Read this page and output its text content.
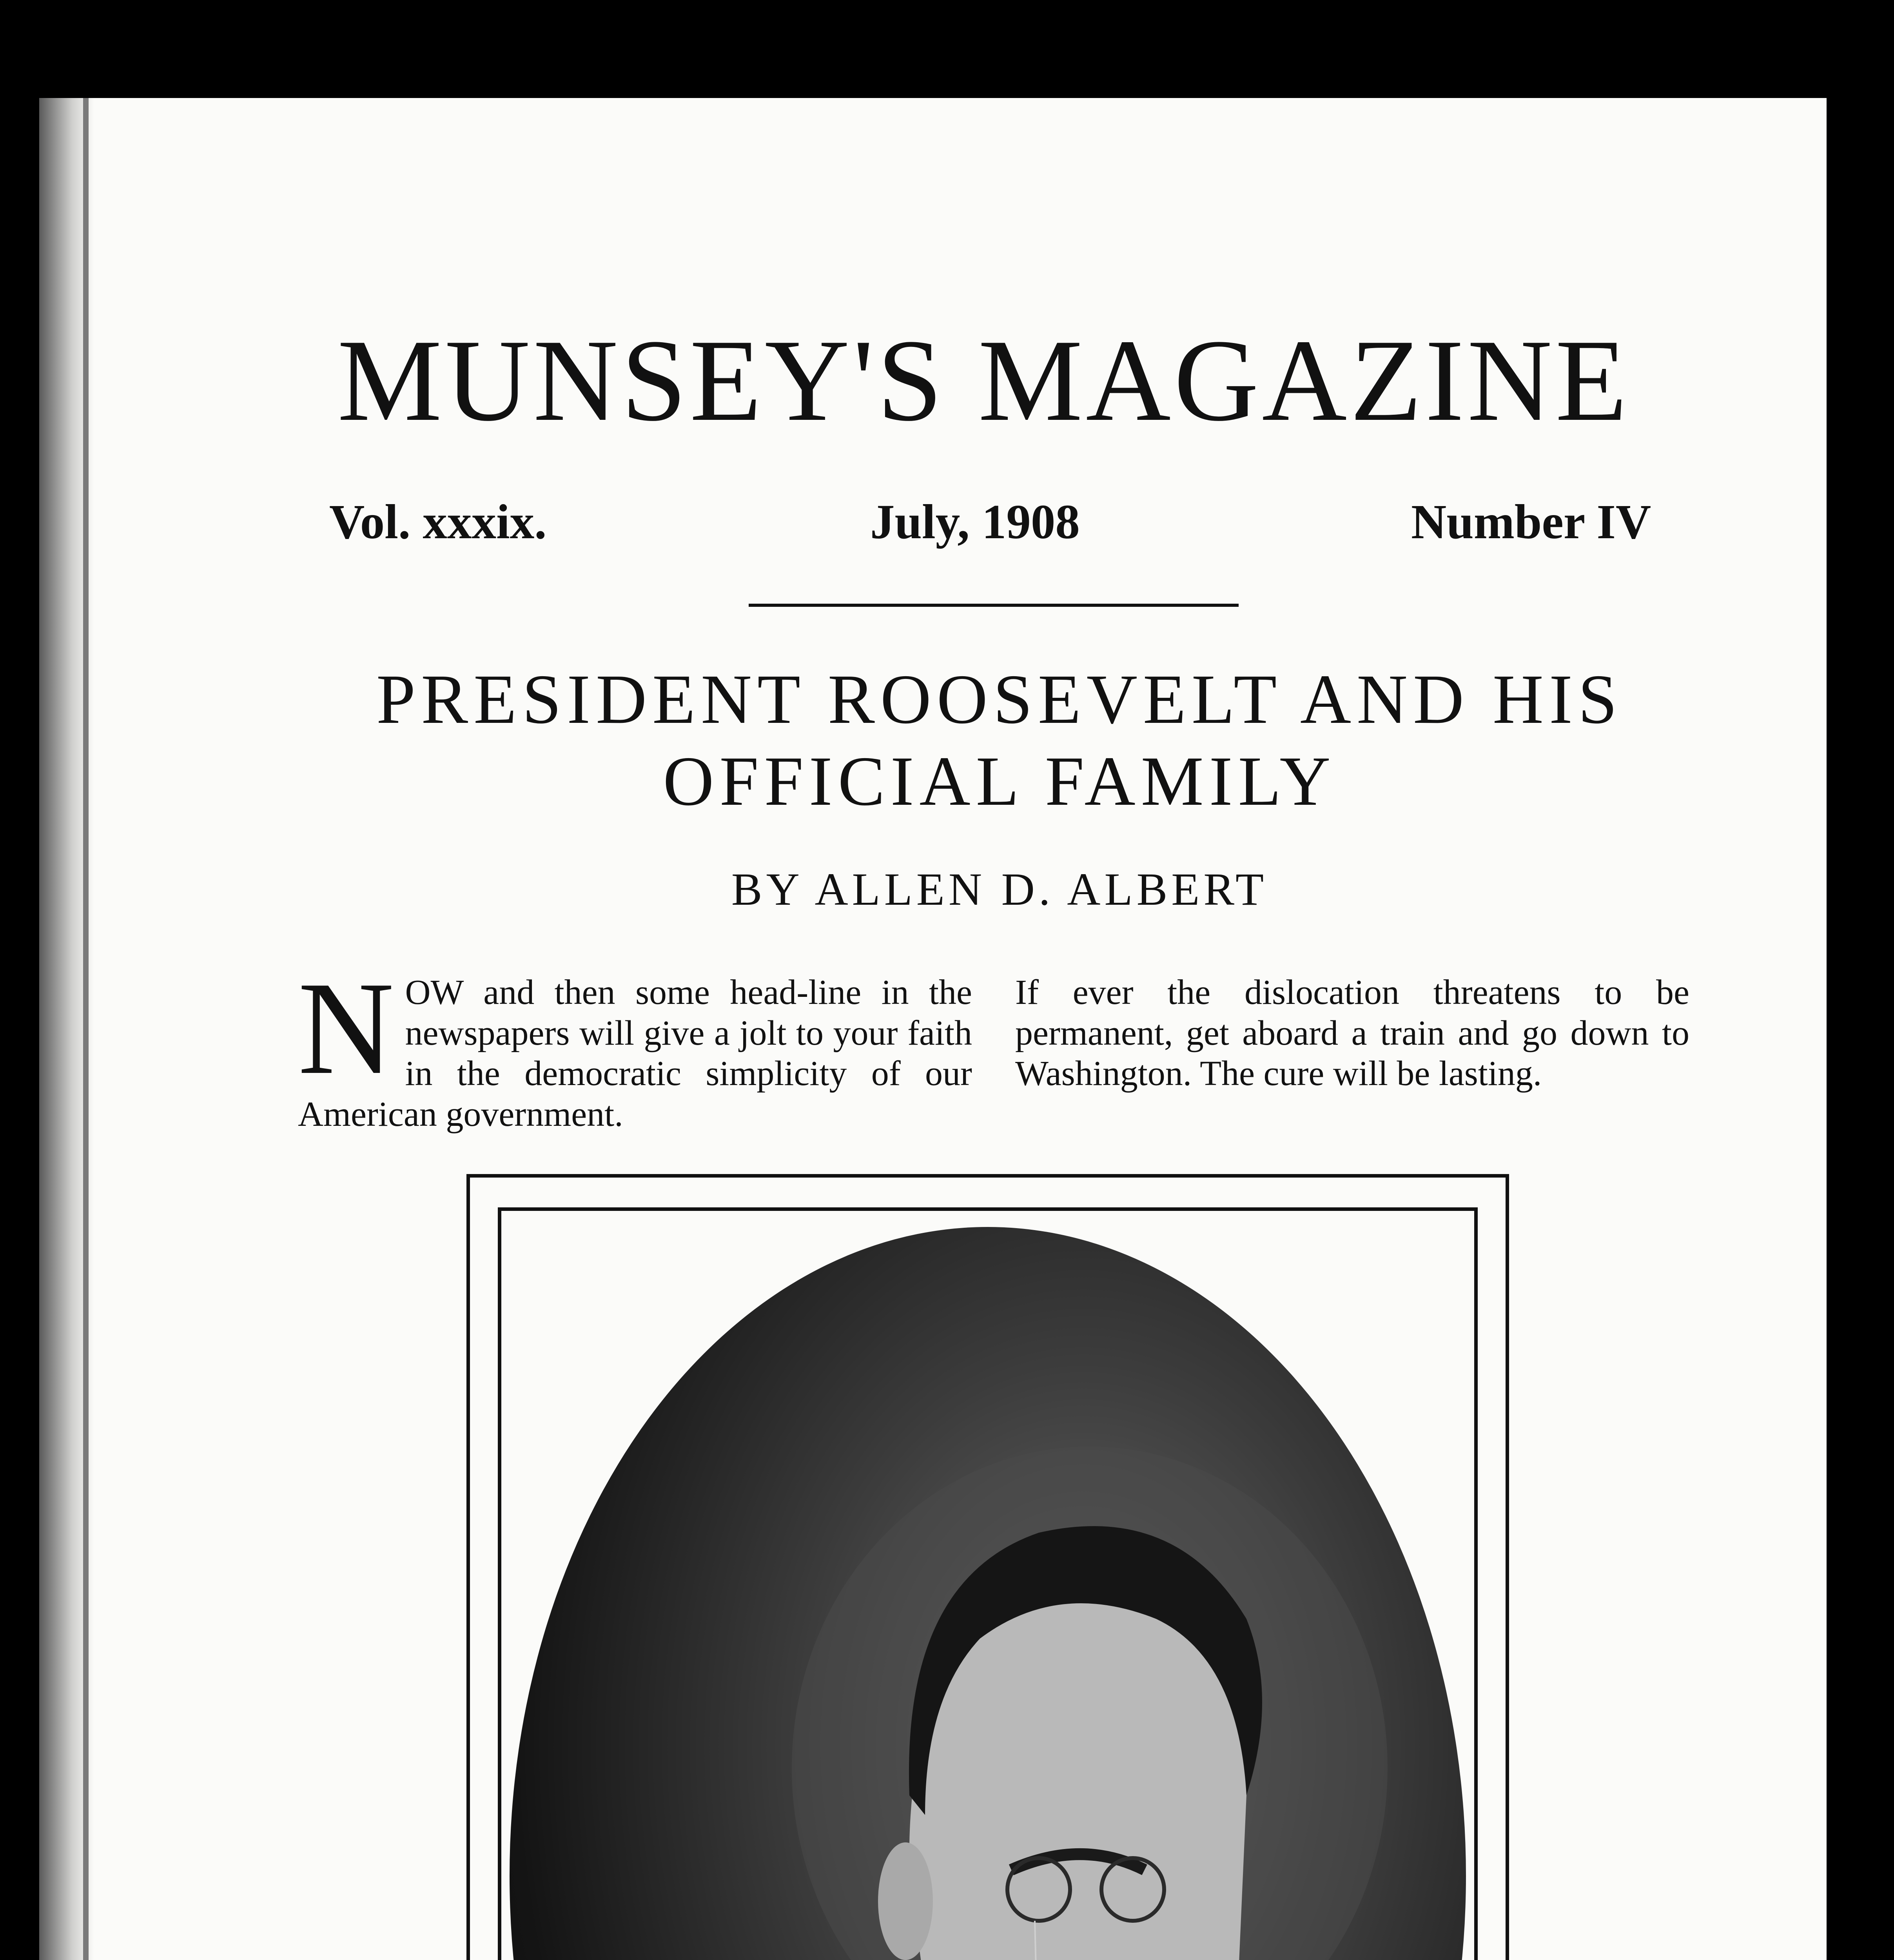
MUNSEY'S MAGAZINE
Vol. xxxix.	July, 1908	Number IV
PRESIDENT ROOSEVELT AND HIS
OFFICIAL FAMILY
BY ALLEN D. ALBERT
N OW and then some head-line in the newspapers will give a jolt to your faith in the democratic simplicity of our American government.
If ever the dislocation threatens to be permanent, get aboard a train and go down to Washington. The cure will be lasting.
